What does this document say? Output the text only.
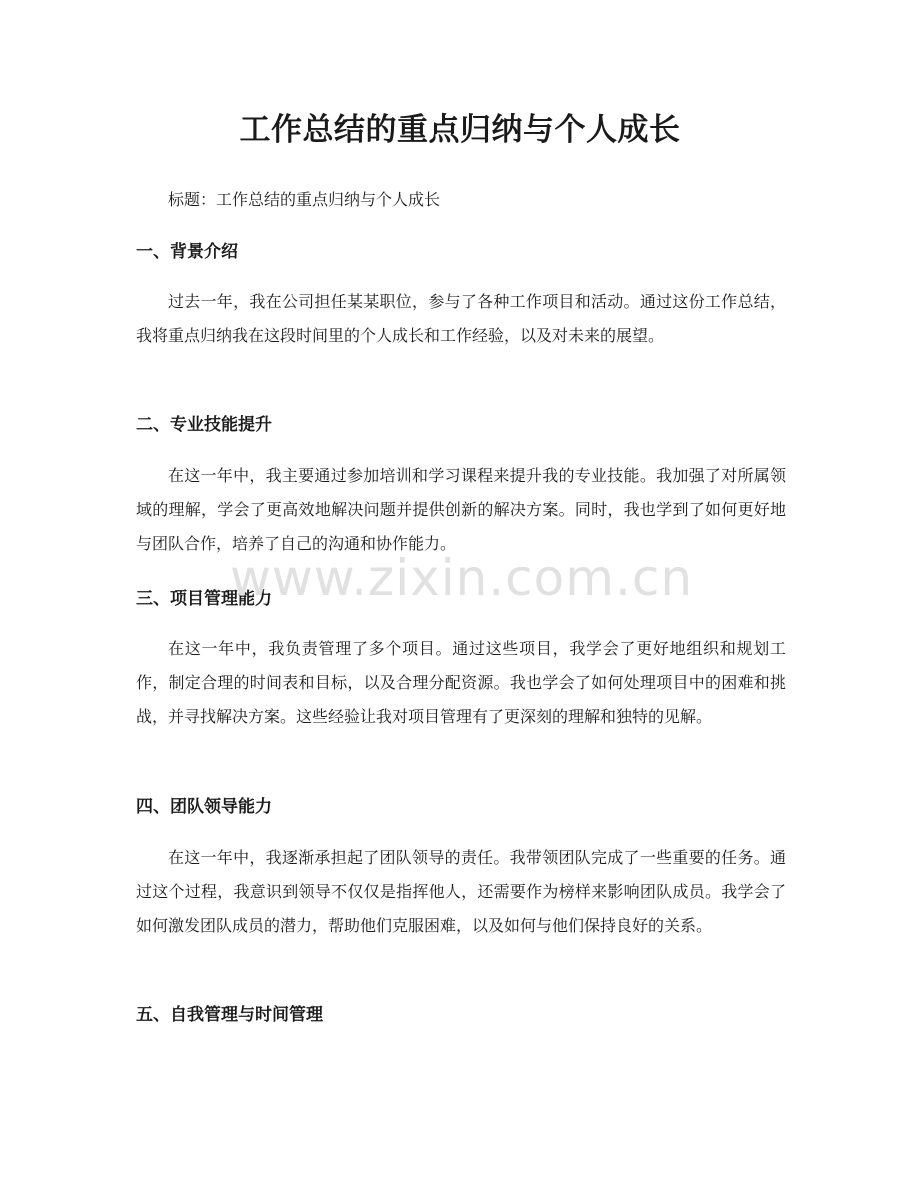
工作总结的重点归纳与个人成长

标题：工作总结的重点归纳与个人成长

一、背景介绍

过去一年，我在公司担任某某职位，参与了各种工作项目和活动。通过这份工作总结，我将重点归纳我在这段时间里的个人成长和工作经验，以及对未来的展望。

二、专业技能提升

在这一年中，我主要通过参加培训和学习课程来提升我的专业技能。我加强了对所属领域的理解，学会了更高效地解决问题并提供创新的解决方案。同时，我也学到了如何更好地与团队合作，培养了自己的沟通和协作能力。

三、项目管理能力

在这一年中，我负责管理了多个项目。通过这些项目，我学会了更好地组织和规划工作，制定合理的时间表和目标，以及合理分配资源。我也学会了如何处理项目中的困难和挑战，并寻找解决方案。这些经验让我对项目管理有了更深刻的理解和独特的见解。

四、团队领导能力

在这一年中，我逐渐承担起了团队领导的责任。我带领团队完成了一些重要的任务。通过这个过程，我意识到领导不仅仅是指挥他人，还需要作为榜样来影响团队成员。我学会了如何激发团队成员的潜力，帮助他们克服困难，以及如何与他们保持良好的关系。

五、自我管理与时间管理
www.zixin.com.cn
